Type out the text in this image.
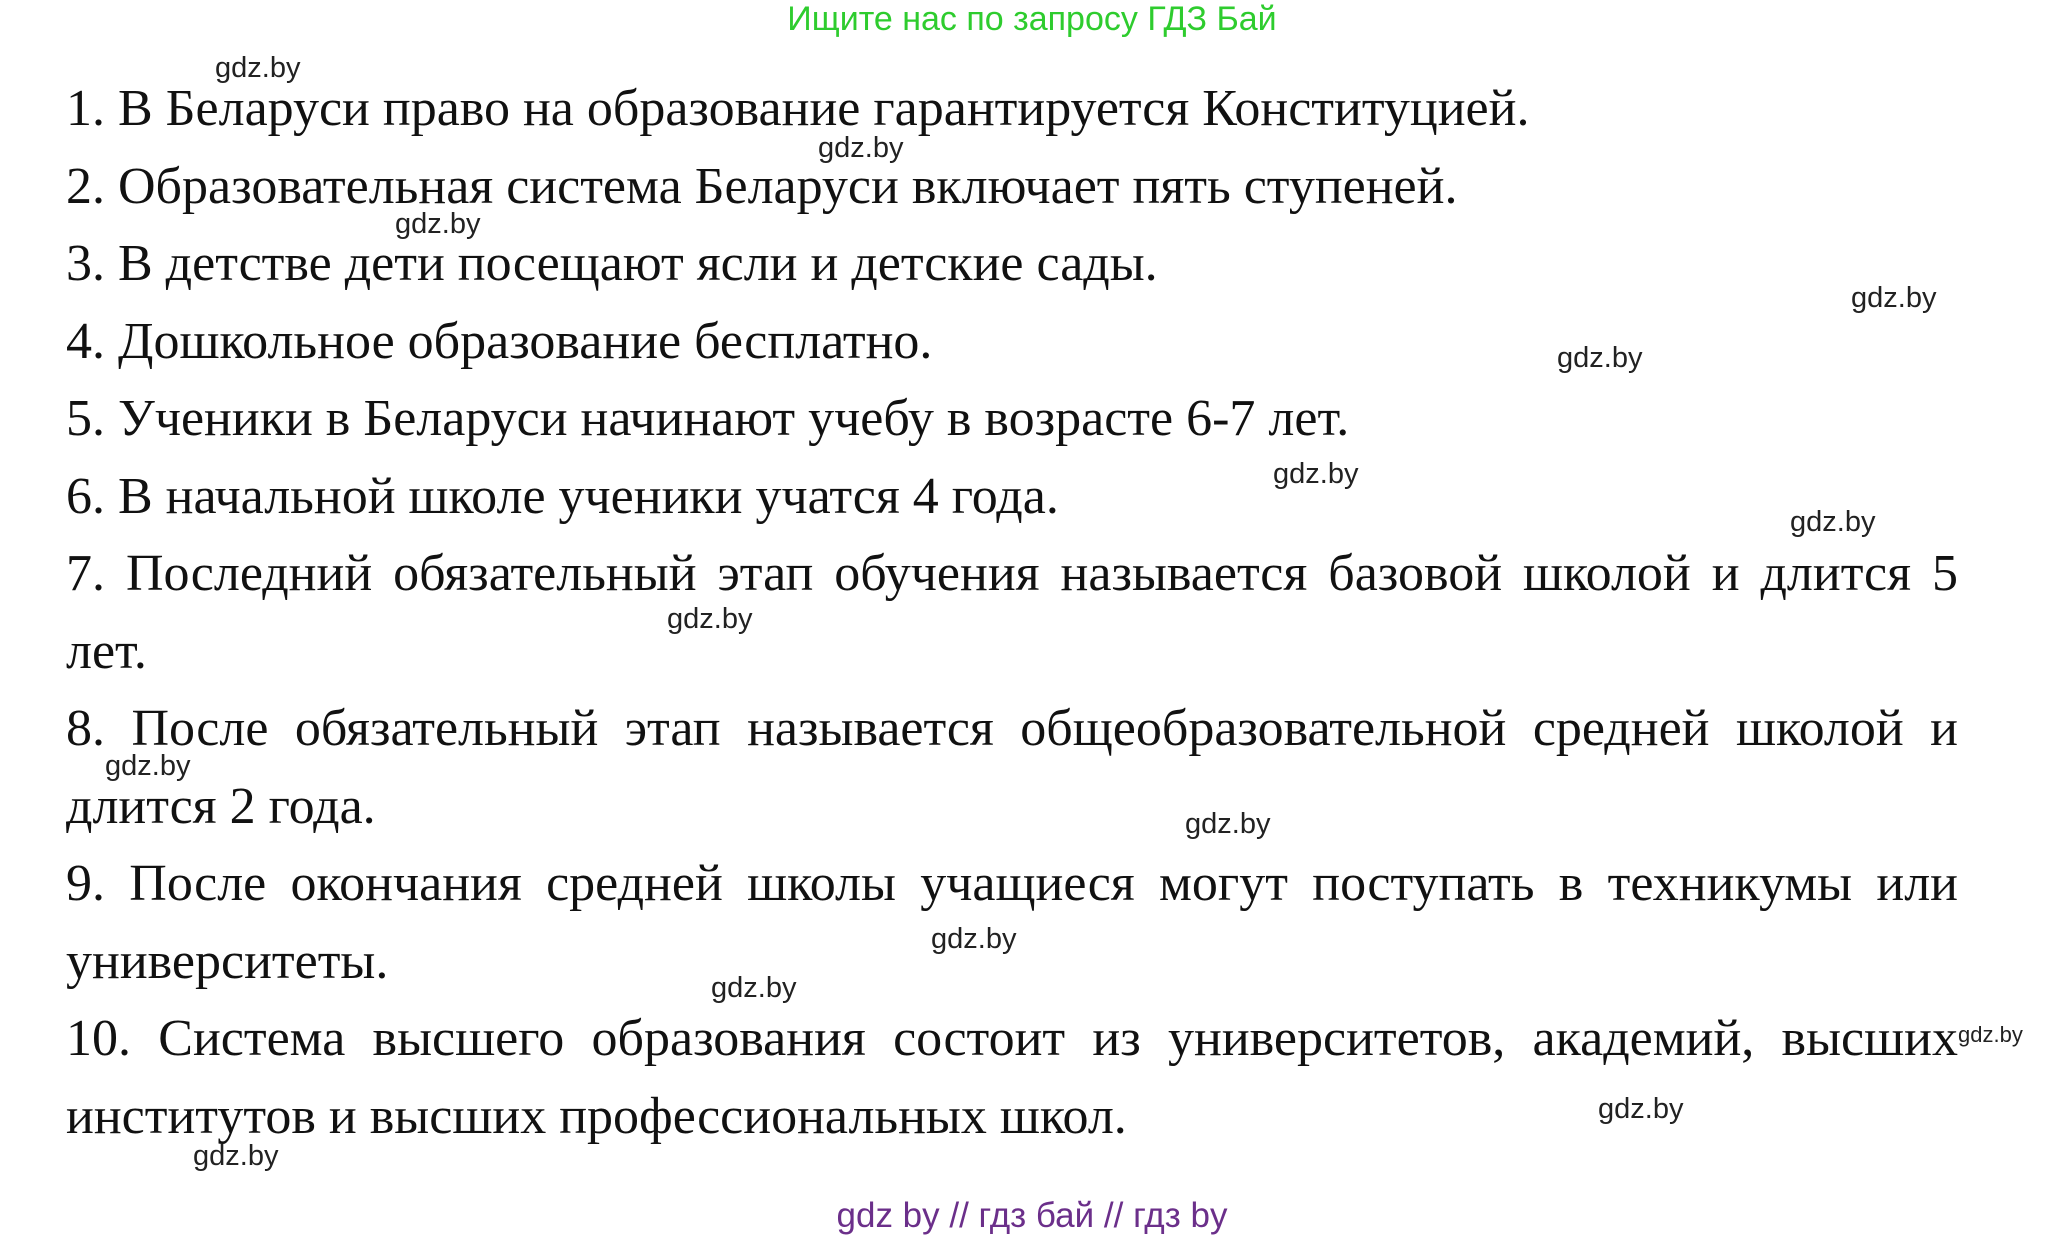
Ищите нас по запросу ГДЗ Бай

1. В Беларуси право на образование гарантируется Конституцией.

2. Образовательная система Беларуси включает пять ступеней.

3. В детстве дети посещают ясли и детские сады.

4. Дошкольное образование бесплатно.

5. Ученики в Беларуси начинают учебу в возрасте 6-7 лет.

6. В начальной школе ученики учатся 4 года.

7. Последний обязательный этап обучения называется базовой школой и длится 5 лет.

8. После обязательный этап называется общеобразовательной средней школой и длится 2 года.

9. После окончания средней школы учащиеся могут поступать в техникумы или университеты.

10. Система высшего образования состоит из университетов, академий, высших институтов и высших профессиональных школ.

gdz.by
gdz.by
gdz.by
gdz.by
gdz.by
gdz.by
gdz.by
gdz.by
gdz.by
gdz.by
gdz.by
gdz.by
gdz.by
gdz.by
gdz.by
gdz by // гдз бай // гдз by
